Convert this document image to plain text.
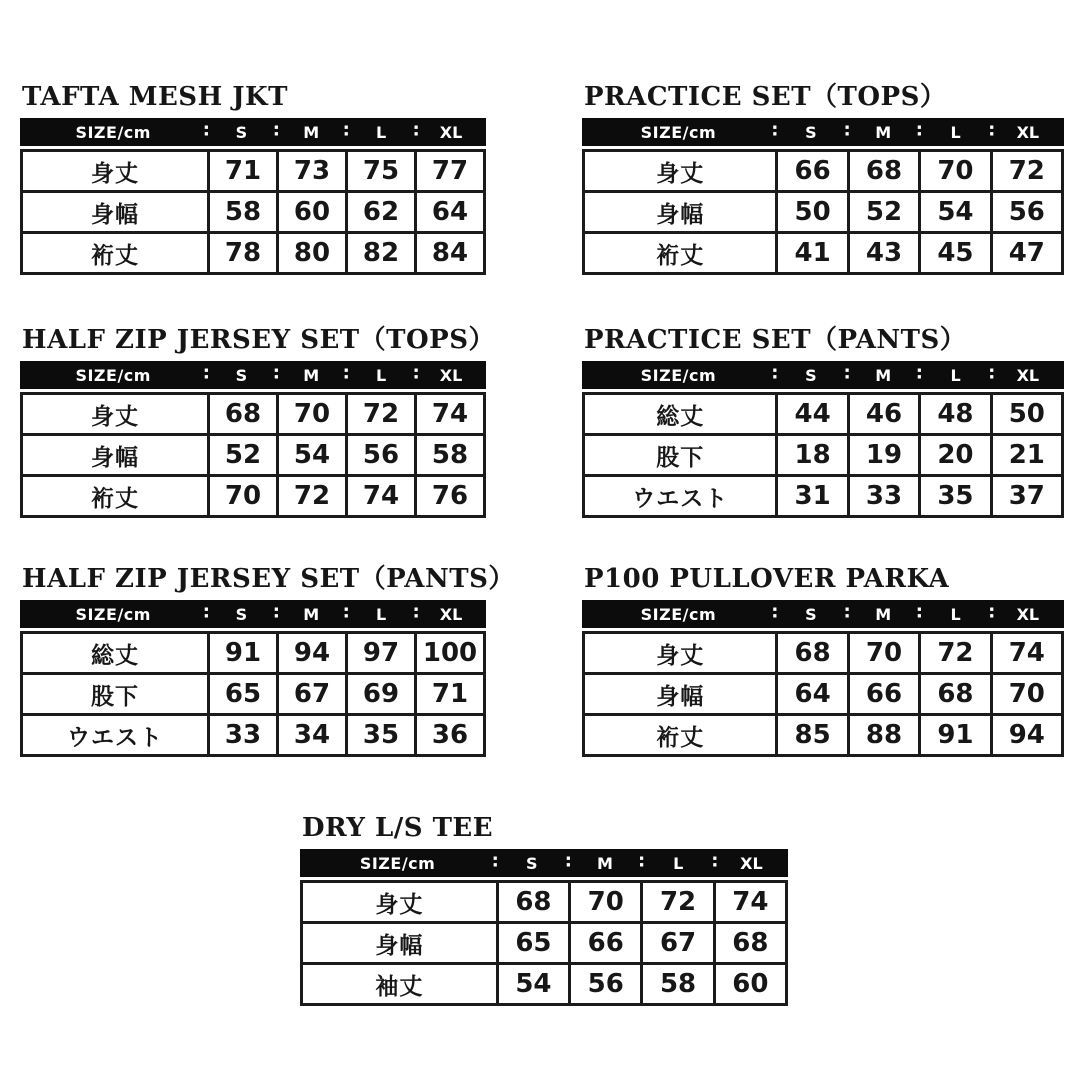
TAFTA MESH JKT
SIZE/cm	: S	: M	: L	: XL
身丈	71	73	75	77
身幅	58	60	62	64
裄丈	78	80	82	84
PRACTICE SET（TOPS）
SIZE/cm	: S	: M	: L	: XL
身丈	66	68	70	72
身幅	50	52	54	56
裄丈	41	43	45	47
HALF ZIP JERSEY SET（TOPS）
SIZE/cm	: S	: M	: L	: XL
身丈	68	70	72	74
身幅	52	54	56	58
裄丈	70	72	74	76
PRACTICE SET（PANTS）
SIZE/cm	: S	: M	: L	: XL
総丈	44	46	48	50
股下	18	19	20	21
ウエスト	31	33	35	37
HALF ZIP JERSEY SET（PANTS）
SIZE/cm	: S	: M	: L	: XL
総丈	91	94	97 100
股下	65	67	69	71
ウエスト	33	34	35	36
P100 PULLOVER PARKA
SIZE/cm	: S	: M	: L	: XL
身丈	68	70	72	74
身幅	64	66	68	70
裄丈	85	88	91	94
DRY L/S TEE
SIZE/cm	: S	: M	: L	: XL
身丈	68	70	72	74
身幅	65	66	67	68
袖丈	54	56	58	60
